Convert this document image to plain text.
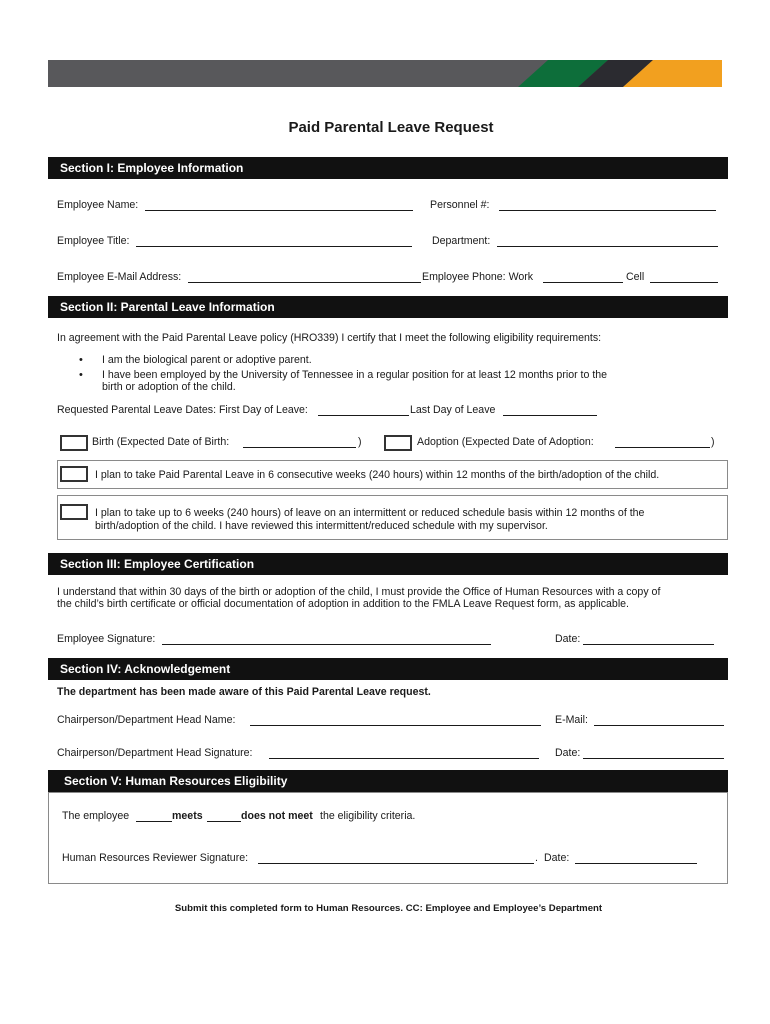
Paid Parental Leave Request
Section I: Employee Information
Employee Name:	Personnel #:
Employee Title:	Department:
Employee E-Mail Address:	Employee Phone: Work	Cell
Section II: Parental Leave Information
In agreement with the Paid Parental Leave policy (HRO339) I certify that I meet the following eligibility requirements:
• I am the biological parent or adoptive parent.
• I have been employed by the University of Tennessee in a regular position for at least 12 months prior to the
birth or adoption of the child.
Requested Parental Leave Dates: First Day of Leave:	Last Day of Leave
Birth (Expected Date of Birth:	)	Adoption (Expected Date of Adoption:	)
I plan to take Paid Parental Leave in 6 consecutive weeks (240 hours) within 12 months of the birth/adoption of the child.
I plan to take up to 6 weeks (240 hours) of leave on an intermittent or reduced schedule basis within 12 months of the
birth/adoption of the child. I have reviewed this intermittent/reduced schedule with my supervisor.
Section III: Employee Certification
I understand that within 30 days of the birth or adoption of the child, I must provide the Office of Human Resources with a copy of
the child’s birth certificate or official documentation of adoption in addition to the FMLA Leave Request form, as applicable.
Employee Signature:	Date:
Section IV: Acknowledgement
The department has been made aware of this Paid Parental Leave request.
Chairperson/Department Head Name:	E-Mail:
Chairperson/Department Head Signature:	Date:
Section V: Human Resources Eligibility
The employee	meets	does not meet the eligibility criteria.
Human Resources Reviewer Signature:	. Date:
Submit this completed form to Human Resources. CC: Employee and Employee’s Department
